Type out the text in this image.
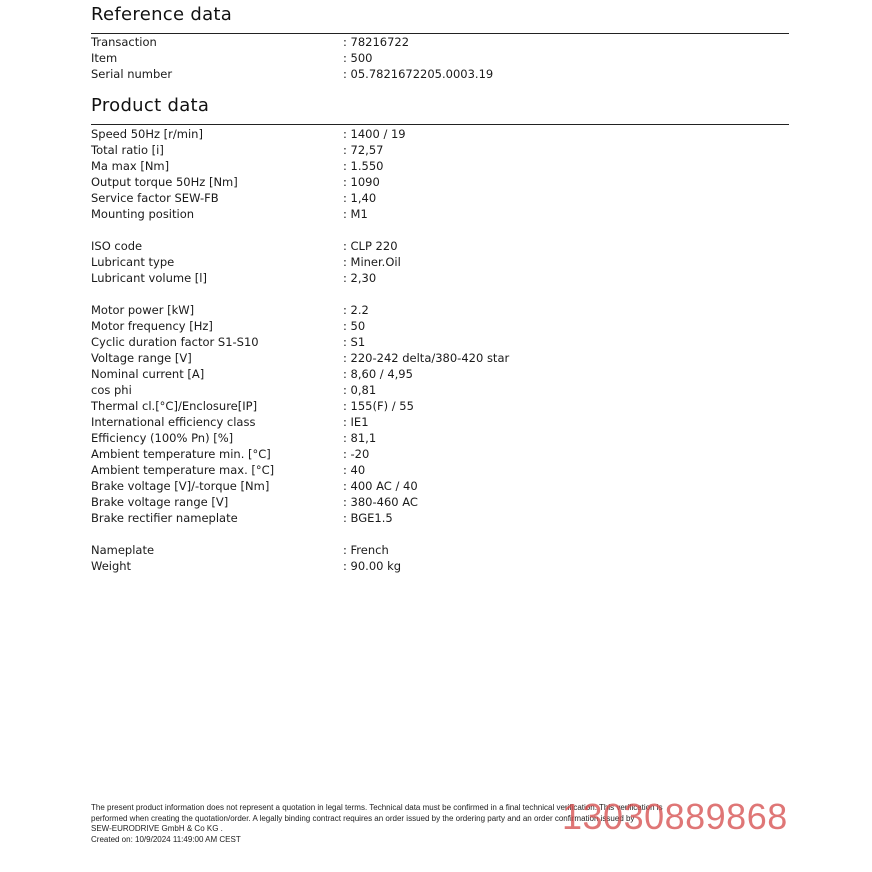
Reference data
Transaction	: 78216722
Item	: 500
Serial number	: 05.7821672205.0003.19
Product data
Speed 50Hz [r/min]	: 1400 / 19
Total ratio [i]	: 72,57
Ma max [Nm]	: 1.550
Output torque 50Hz [Nm]	: 1090
Service factor SEW-FB	: 1,40
Mounting position	: M1
ISO code	: CLP 220
Lubricant type	: Miner.Oil
Lubricant volume [l]	: 2,30
Motor power [kW]	: 2.2
Motor frequency [Hz]	: 50
Cyclic duration factor S1-S10	: S1
Voltage range [V]	: 220-242 delta/380-420 star
Nominal current [A]	: 8,60 / 4,95
cos phi	: 0,81
Thermal cl.[°C]/Enclosure[IP]	: 155(F) / 55
International efficiency class	: IE1
Efficiency (100% Pn) [%]	: 81,1
Ambient temperature min. [°C]	: -20
Ambient temperature max. [°C]	: 40
Brake voltage [V]/-torque [Nm]	: 400 AC / 40
Brake voltage range [V]	: 380-460 AC
Brake rectifier nameplate	: BGE1.5
Nameplate	: French
Weight	: 90.00 kg
The present product information does not represent a quotation in legal terms. Technical data must be confirmed in a final technical verification. This verification is
performed when creating the quotation/order. A legally binding contract requires an order issued by the ordering party and an order confirmation issued by
SEW-EURODRIVE GmbH & Co KG .
Created on: 10/9/2024 11:49:00 AM CEST
13030889868
